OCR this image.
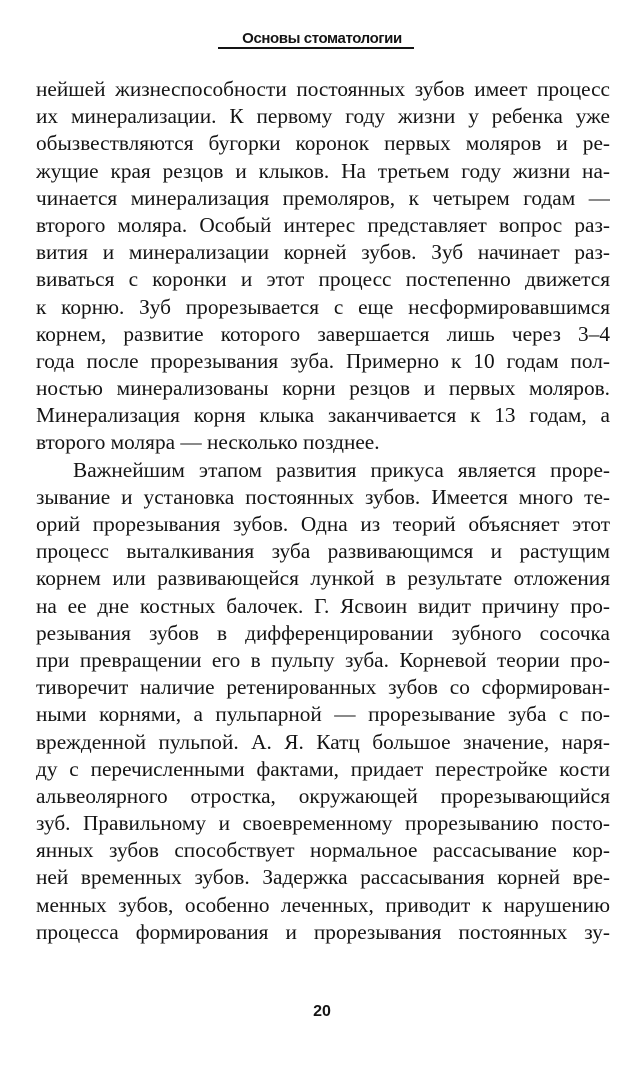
Основы стоматологии
нейшей жизнеспособности постоянных зубов имеет процесс
их минерализации. К первому году жизни у ребенка уже
обызвествляются бугорки коронок первых моляров и ре-
жущие края резцов и клыков. На третьем году жизни на-
чинается минерализация премоляров, к четырем годам —
второго моляра. Особый интерес представляет вопрос раз-
вития и минерализации корней зубов. Зуб начинает раз-
виваться с коронки и этот процесс постепенно движется
к корню. Зуб прорезывается с еще несформировавшимся
корнем, развитие которого завершается лишь через 3–4
года после прорезывания зуба. Примерно к 10 годам пол-
ностью минерализованы корни резцов и первых моляров.
Минерализация корня клыка заканчивается к 13 годам, а
второго моляра — несколько позднее.
Важнейшим этапом развития прикуса является проре-
зывание и установка постоянных зубов. Имеется много те-
орий прорезывания зубов. Одна из теорий объясняет этот
процесс выталкивания зуба развивающимся и растущим
корнем или развивающейся лункой в результате отложения
на ее дне костных балочек. Г. Ясвоин видит причину про-
резывания зубов в дифференцировании зубного сосочка
при превращении его в пульпу зуба. Корневой теории про-
тиворечит наличие ретенированных зубов со сформирован-
ными корнями, а пульпарной — прорезывание зуба с по-
врежденной пульпой. А. Я. Катц большое значение, наря-
ду с перечисленными фактами, придает перестройке кости
альвеолярного отростка, окружающей прорезывающийся
зуб. Правильному и своевременному прорезыванию посто-
янных зубов способствует нормальное рассасывание кор-
ней временных зубов. Задержка рассасывания корней вре-
менных зубов, особенно леченных, приводит к нарушению
процесса формирования и прорезывания постоянных зу-
20
